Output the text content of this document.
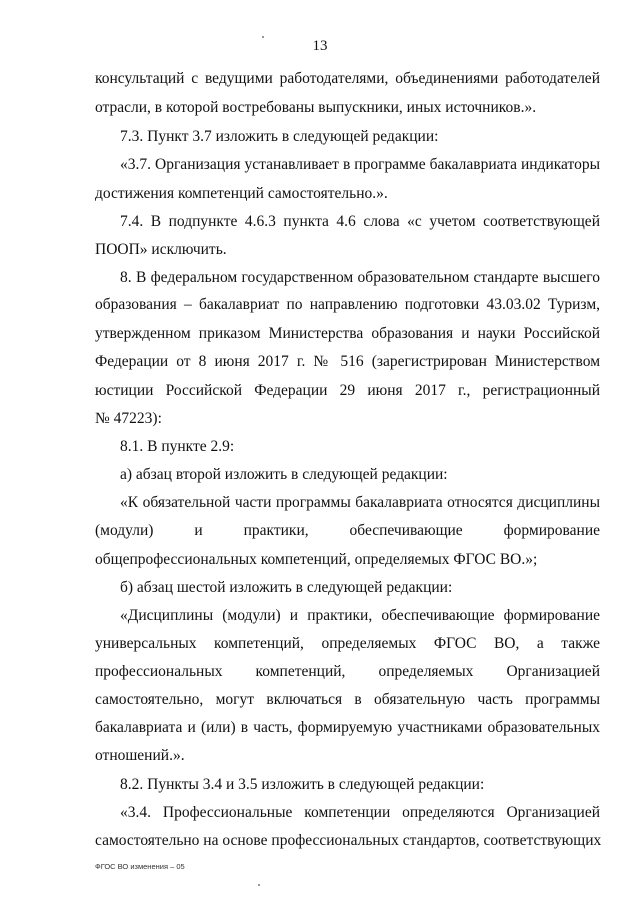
13
консультаций с ведущими работодателями, объединениями работодателей
отрасли, в которой востребованы выпускники, иных источников.».
7.3. Пункт 3.7 изложить в следующей редакции:
«3.7. Организация устанавливает в программе бакалавриата индикаторы
достижения компетенций самостоятельно.».
7.4. В подпункте 4.6.3 пункта 4.6 слова «с учетом соответствующей
ПООП» исключить.
8. В федеральном государственном образовательном стандарте высшего
образования – бакалавриат по направлению подготовки 43.03.02 Туризм,
утвержденном приказом Министерства образования и науки Российской
Федерации от 8 июня 2017 г. № 516 (зарегистрирован Министерством
юстиции Российской Федерации 29 июня 2017 г., регистрационный
№ 47223):
8.1. В пункте 2.9:
а) абзац второй изложить в следующей редакции:
«К обязательной части программы бакалавриата относятся дисциплины
(модули) и практики, обеспечивающие формирование
общепрофессиональных компетенций, определяемых ФГОС ВО.»;
б) абзац шестой изложить в следующей редакции:
«Дисциплины (модули) и практики, обеспечивающие формирование
универсальных компетенций, определяемых ФГОС ВО, а также
профессиональных компетенций, определяемых Организацией
самостоятельно, могут включаться в обязательную часть программы
бакалавриата и (или) в часть, формируемую участниками образовательных
отношений.».
8.2. Пункты 3.4 и 3.5 изложить в следующей редакции:
«3.4. Профессиональные компетенции определяются Организацией
самостоятельно на основе профессиональных стандартов, соответствующих
ФГОС ВО изменения – 05
